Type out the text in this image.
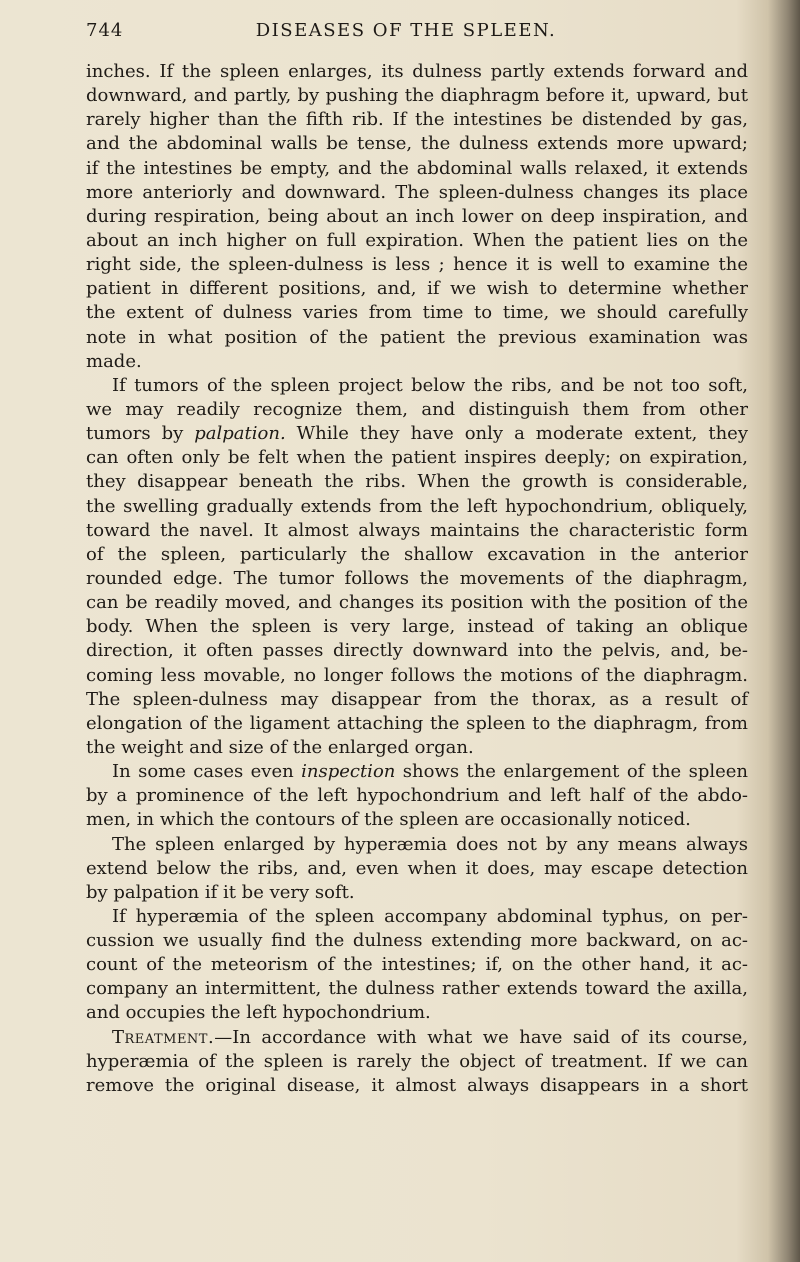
744	DISEASES OF THE SPLEEN.
inches. If the spleen enlarges, its dulness partly extends forward and
downward, and partly, by pushing the diaphragm before it, upward, but
rarely higher than the fifth rib. If the intestines be distended by gas,
and the abdominal walls be tense, the dulness extends more upward;
if the intestines be empty, and the abdominal walls relaxed, it extends
more anteriorly and downward. The spleen-dulness changes its place
during respiration, being about an inch lower on deep inspiration, and
about an inch higher on full expiration. When the patient lies on the
right side, the spleen-dulness is less ; hence it is well to examine the
patient in different positions, and, if we wish to determine whether
the extent of dulness varies from time to time, we should carefully
note in what position of the patient the previous examination was
made.
If tumors of the spleen project below the ribs, and be not too soft,
we may readily recognize them, and distinguish them from other
tumors by palpation. While they have only a moderate extent, they
can often only be felt when the patient inspires deeply; on expiration,
they disappear beneath the ribs. When the growth is considerable,
the swelling gradually extends from the left hypochondrium, obliquely,
toward the navel. It almost always maintains the characteristic form
of the spleen, particularly the shallow excavation in the anterior
rounded edge. The tumor follows the movements of the diaphragm,
can be readily moved, and changes its position with the position of the
body. When the spleen is very large, instead of taking an oblique
direction, it often passes directly downward into the pelvis, and, be-
coming less movable, no longer follows the motions of the diaphragm.
The spleen-dulness may disappear from the thorax, as a result of
elongation of the ligament attaching the spleen to the diaphragm, from
the weight and size of the enlarged organ.
In some cases even inspection shows the enlargement of the spleen
by a prominence of the left hypochondrium and left half of the abdo-
men, in which the contours of the spleen are occasionally noticed.
The spleen enlarged by hyperæmia does not by any means always
extend below the ribs, and, even when it does, may escape detection
by palpation if it be very soft.
If hyperæmia of the spleen accompany abdominal typhus, on per-
cussion we usually find the dulness extending more backward, on ac-
count of the meteorism of the intestines; if, on the other hand, it ac-
company an intermittent, the dulness rather extends toward the axilla,
and occupies the left hypochondrium.
Treatment.—In accordance with what we have said of its course,
hyperæmia of the spleen is rarely the object of treatment. If we can
remove the original disease, it almost always disappears in a short
